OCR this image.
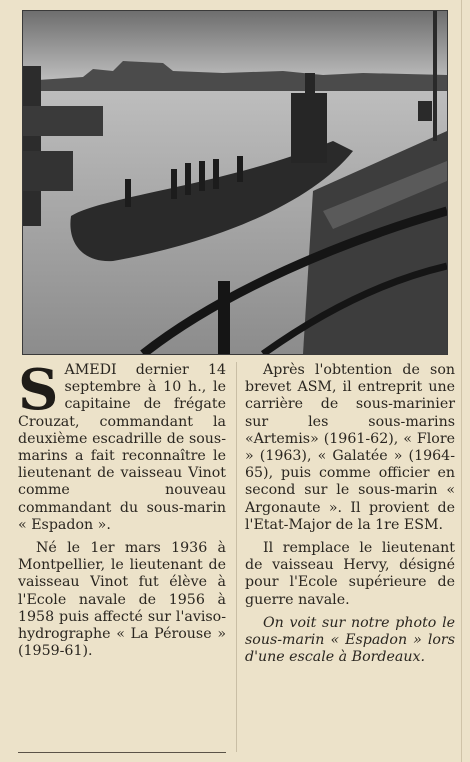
SAMEDI dernier 14 septembre à 10 h., le capitaine de frégate Crouzat, commandant la deuxième escadrille de sous-marins a fait reconnaître le lieutenant de vaisseau Vinot comme nouveau commandant du sous-marin « Espadon ».

Né le 1er mars 1936 à Montpellier, le lieutenant de vaisseau Vinot fut élève à l'Ecole navale de 1956 à 1958 puis affecté sur l'aviso-hydrographe « La Pérouse » (1959-61).

Après l'obtention de son brevet ASM, il entreprit une carrière de sous-marinier sur les sous-marins «Artemis» (1961-62), « Flore » (1963), « Galatée » (1964-65), puis comme officier en second sur le sous-marin « Argonaute ». Il provient de l'Etat-Major de la 1re ESM.

Il remplace le lieutenant de vaisseau Hervy, désigné pour l'Ecole supérieure de guerre navale.

On voit sur notre photo le sous-marin « Espadon » lors d'une escale à Bordeaux.
